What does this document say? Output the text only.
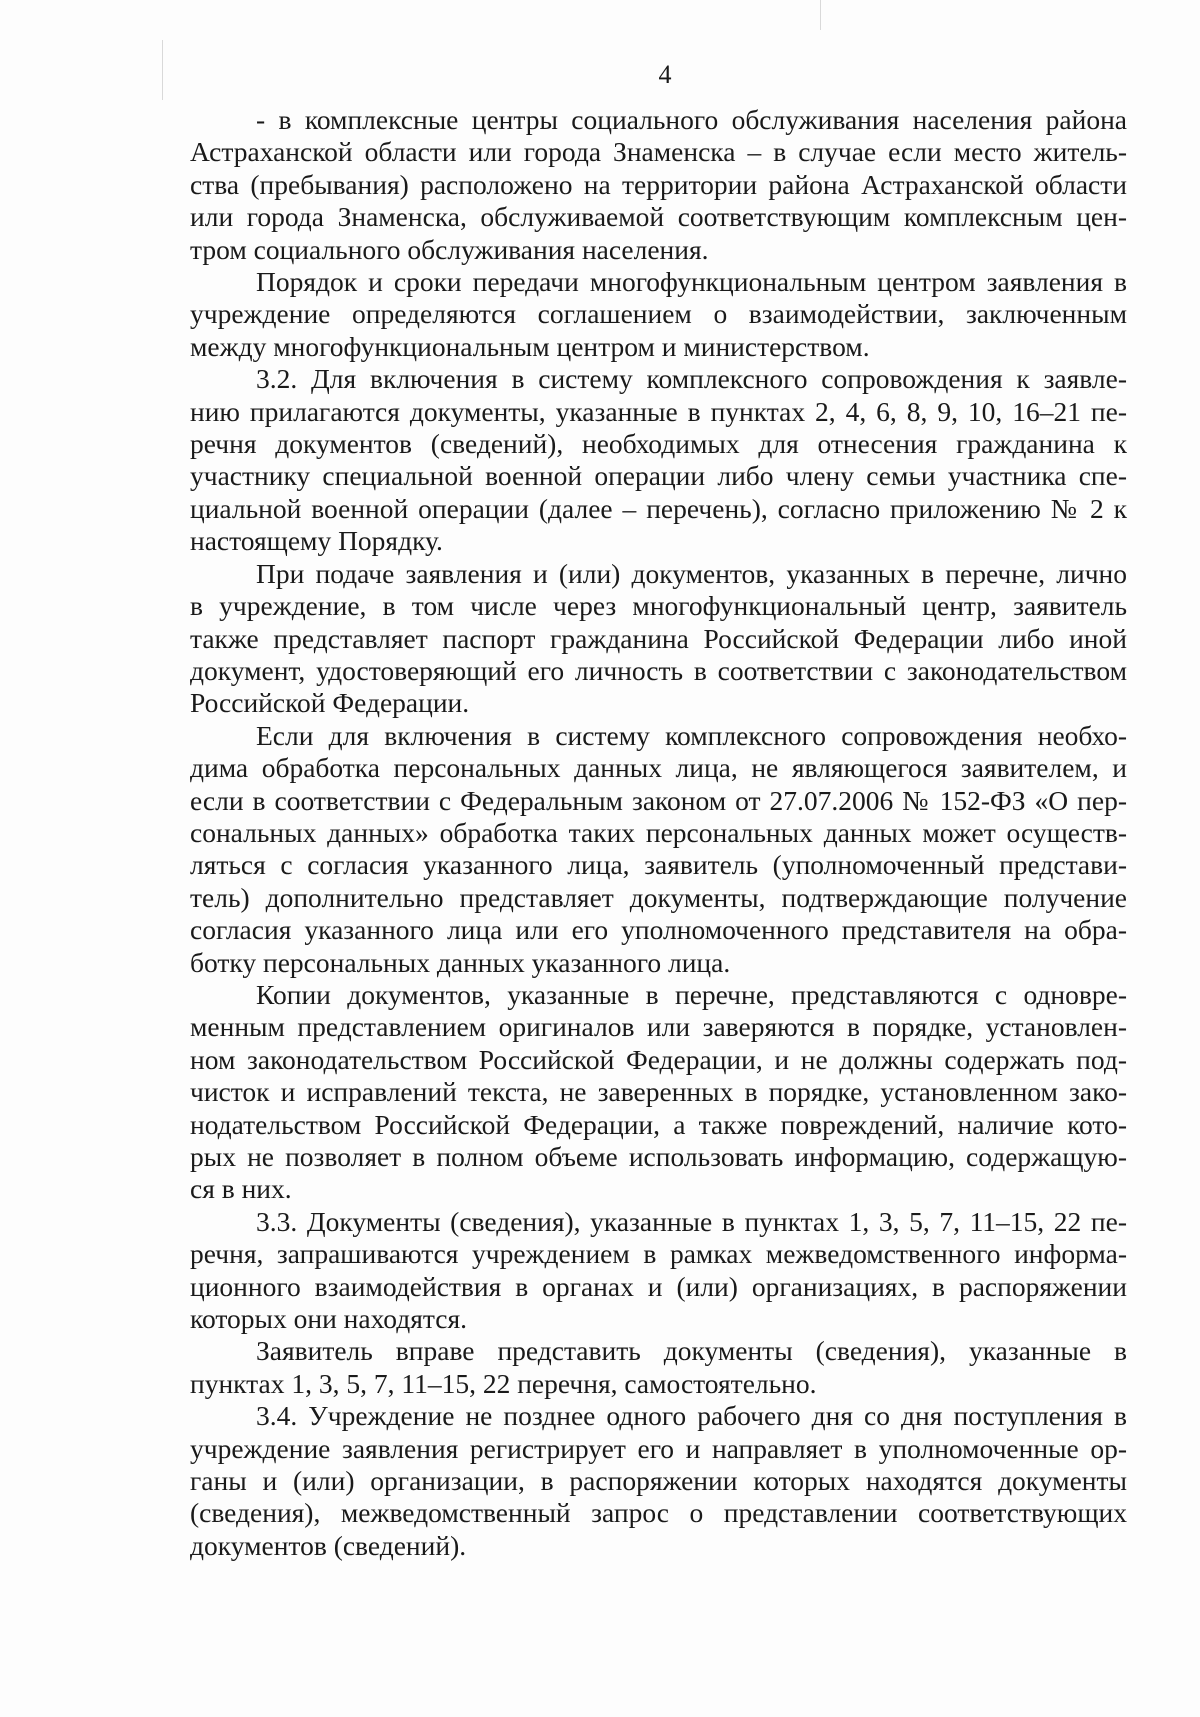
4

- в комплексные центры социального обслуживания населения района
Астраханской области или города Знаменска – в случае если место житель-
ства (пребывания) расположено на территории района Астраханской области
или города Знаменска, обслуживаемой соответствующим комплексным цен-
тром социального обслуживания населения.

Порядок и сроки передачи многофункциональным центром заявления в
учреждение определяются соглашением о взаимодействии, заключенным
между многофункциональным центром и министерством.

3.2. Для включения в систему комплексного сопровождения к заявле-
нию прилагаются документы, указанные в пунктах 2, 4, 6, 8, 9, 10, 16–21 пе-
речня документов (сведений), необходимых для отнесения гражданина к
участнику специальной военной операции либо члену семьи участника спе-
циальной военной операции (далее – перечень), согласно приложению № 2 к
настоящему Порядку.

При подаче заявления и (или) документов, указанных в перечне, лично
в учреждение, в том числе через многофункциональный центр, заявитель
также представляет паспорт гражданина Российской Федерации либо иной
документ, удостоверяющий его личность в соответствии с законодательством
Российской Федерации.

Если для включения в систему комплексного сопровождения необхо-
дима обработка персональных данных лица, не являющегося заявителем, и
если в соответствии с Федеральным законом от 27.07.2006 № 152-ФЗ «О пер-
сональных данных» обработка таких персональных данных может осуществ-
ляться с согласия указанного лица, заявитель (уполномоченный представи-
тель) дополнительно представляет документы, подтверждающие получение
согласия указанного лица или его уполномоченного представителя на обра-
ботку персональных данных указанного лица.

Копии документов, указанные в перечне, представляются с одновре-
менным представлением оригиналов или заверяются в порядке, установлен-
ном законодательством Российской Федерации, и не должны содержать под-
чисток и исправлений текста, не заверенных в порядке, установленном зако-
нодательством Российской Федерации, а также повреждений, наличие кото-
рых не позволяет в полном объеме использовать информацию, содержащую-
ся в них.

3.3. Документы (сведения), указанные в пунктах 1, 3, 5, 7, 11–15, 22 пе-
речня, запрашиваются учреждением в рамках межведомственного информа-
ционного взаимодействия в органах и (или) организациях, в распоряжении
которых они находятся.

Заявитель вправе представить документы (сведения), указанные в
пунктах 1, 3, 5, 7, 11–15, 22 перечня, самостоятельно.

3.4. Учреждение не позднее одного рабочего дня со дня поступления в
учреждение заявления регистрирует его и направляет в уполномоченные ор-
ганы и (или) организации, в распоряжении которых находятся документы
(сведения), межведомственный запрос о представлении соответствующих
документов (сведений).
